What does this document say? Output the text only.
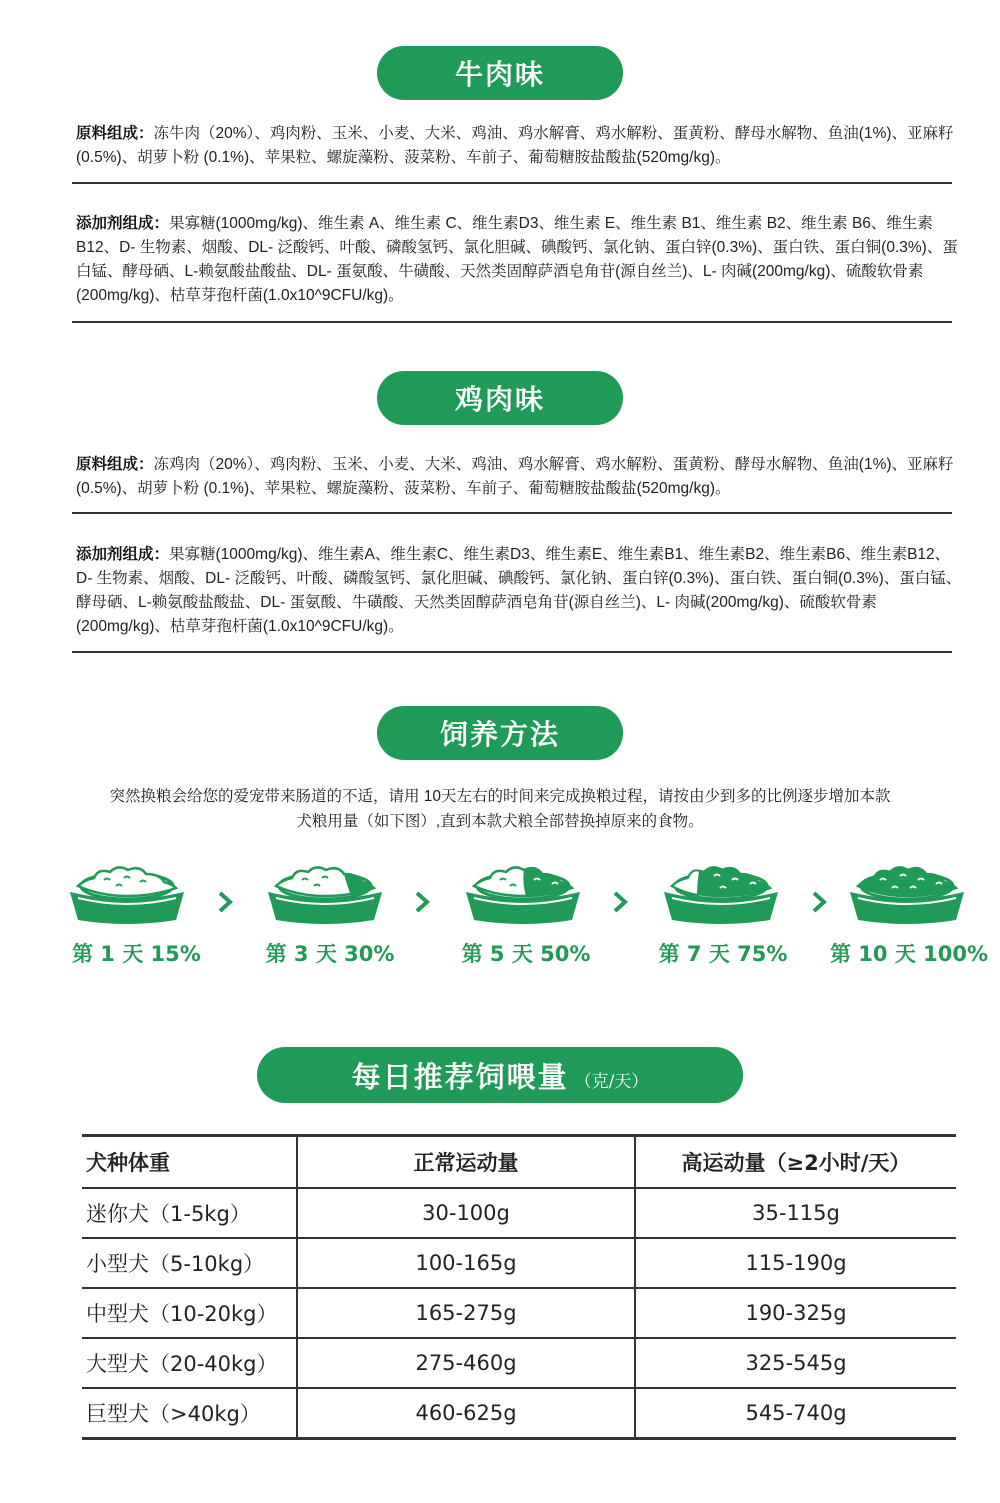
牛肉味
原料组成：冻牛肉（20%）、鸡肉粉、玉米、小麦、大米、鸡油、鸡水解膏、鸡水解粉、蛋黄粉、酵母水解物、鱼油(1%)、亚麻籽(0.5%)、胡萝卜粉 (0.1%)、苹果粒、螺旋藻粉、菠菜粉、车前子、葡萄糖胺盐酸盐(520mg/kg)。
添加剂组成：果寡糖(1000mg/kg)、维生素 A、维生素 C、维生素D3、维生素 E、维生素 B1、维生素 B2、维生素 B6、维生素 B12、D- 生物素、烟酸、DL- 泛酸钙、叶酸、磷酸氢钙、氯化胆碱、碘酸钙、氯化钠、蛋白锌(0.3%)、蛋白铁、蛋白铜(0.3%)、蛋白锰、酵母硒、L-赖氨酸盐酸盐、DL- 蛋氨酸、牛磺酸、天然类固醇萨酒皂角苷(源自丝兰)、L- 肉碱(200mg/kg)、硫酸软骨素(200mg/kg)、枯草芽孢杆菌(1.0x10^9CFU/kg)。
鸡肉味
原料组成：冻鸡肉（20%）、鸡肉粉、玉米、小麦、大米、鸡油、鸡水解膏、鸡水解粉、蛋黄粉、酵母水解物、鱼油(1%)、亚麻籽(0.5%)、胡萝卜粉 (0.1%)、苹果粒、螺旋藻粉、菠菜粉、车前子、葡萄糖胺盐酸盐(520mg/kg)。
添加剂组成：果寡糖(1000mg/kg)、维生素A、维生素C、维生素D3、维生素E、维生素B1、维生素B2、维生素B6、维生素B12、D- 生物素、烟酸、DL- 泛酸钙、叶酸、磷酸氢钙、氯化胆碱、碘酸钙、氯化钠、蛋白锌(0.3%)、蛋白铁、蛋白铜(0.3%)、蛋白锰、酵母硒、L-赖氨酸盐酸盐、DL- 蛋氨酸、牛磺酸、天然类固醇萨酒皂角苷(源自丝兰)、L- 肉碱(200mg/kg)、硫酸软骨素(200mg/kg)、枯草芽孢杆菌(1.0x10^9CFU/kg)。
饲养方法
突然换粮会给您的爱宠带来肠道的不适，请用 10天左右的时间来完成换粮过程，请按由少到多的比例逐步增加本款
犬粮用量（如下图）,直到本款犬粮全部替换掉原来的食物。
第 1 天 15%	第 3 天 30%	第 5 天 50%	第 7 天 75% 第 10 天 100%
每日推荐饲喂量 （克/天）
犬种体重	正常运动量	高运动量（≥2小时/天）
迷你犬（1-5kg）	30-100g	35-115g
小型犬（5-10kg）	100-165g	115-190g
中型犬（10-20kg）	165-275g	190-325g
大型犬（20-40kg）	275-460g	325-545g
巨型犬（>40kg）	460-625g	545-740g
